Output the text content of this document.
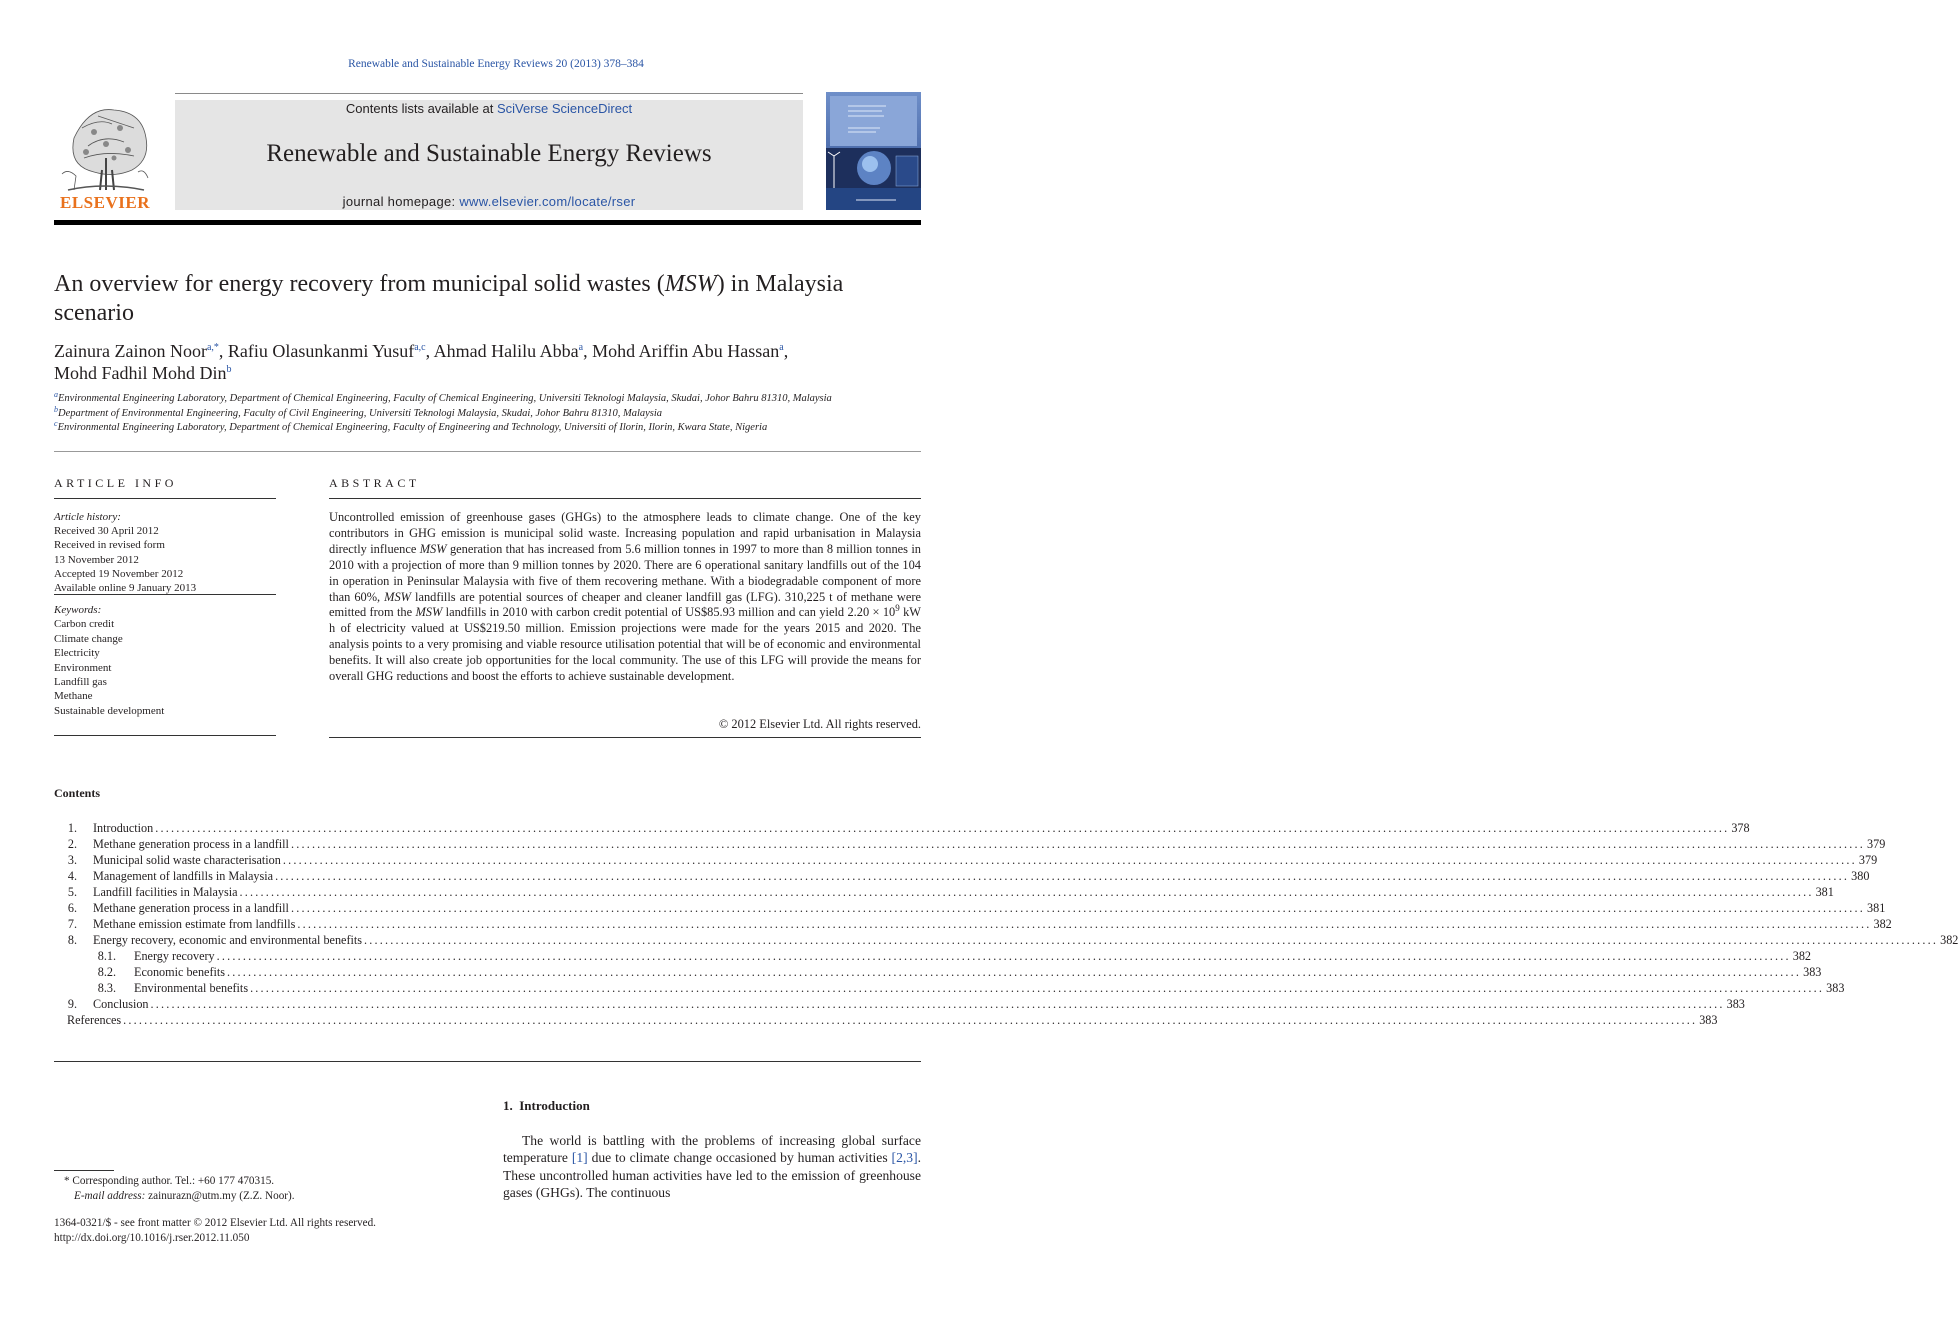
Renewable and Sustainable Energy Reviews 20 (2013) 378–384
ELSEVIER
Contents lists available at SciVerse ScienceDirect
Renewable and Sustainable Energy Reviews
journal homepage: www.elsevier.com/locate/rser
An overview for energy recovery from municipal solid wastes (MSW) in Malaysia scenario
Zainura Zainon Noor$^{a,*}$, Rafiu Olasunkanmi Yusuf$^{a,c}$, Ahmad Halilu Abba$^a$, Mohd Ariffin Abu Hassan$^a$,
Mohd Fadhil Mohd Din$^b$
$^a$Environmental Engineering Laboratory, Department of Chemical Engineering, Faculty of Chemical Engineering, Universiti Teknologi Malaysia, Skudai, Johor Bahru 81310, Malaysia
$^b$Department of Environmental Engineering, Faculty of Civil Engineering, Universiti Teknologi Malaysia, Skudai, Johor Bahru 81310, Malaysia
$^c$Environmental Engineering Laboratory, Department of Chemical Engineering, Faculty of Engineering and Technology, Universiti of Ilorin, Ilorin, Kwara State, Nigeria
ARTICLE INFO
Article history:
Received 30 April 2012
Received in revised form
13 November 2012
Accepted 19 November 2012
Available online 9 January 2013
Keywords:
Carbon credit
Climate change
Electricity
Environment
Landfill gas
Methane
Sustainable development
ABSTRACT
Uncontrolled emission of greenhouse gases (GHGs) to the atmosphere leads to climate change. One of the key contributors in GHG emission is municipal solid waste. Increasing population and rapid urbanisation in Malaysia directly influence MSW generation that has increased from 5.6 million tonnes in 1997 to more than 8 million tonnes in 2010 with a projection of more than 9 million tonnes by 2020. There are 6 operational sanitary landfills out of the 104 in operation in Peninsular Malaysia with five of them recovering methane. With a biodegradable component of more than 60%, MSW landfills are potential sources of cheaper and cleaner landfill gas (LFG). 310,225 t of methane were emitted from the MSW landfills in 2010 with carbon credit potential of US$85.93 million and can yield $2.20 \times 10^9$ kW h of electricity valued at US$219.50 million. Emission projections were made for the years 2015 and 2020. The analysis points to a very promising and viable resource utilisation potential that will be of economic and environmental benefits. It will also create job opportunities for the local community. The use of this LFG will provide the means for overall GHG reductions and boost the efforts to achieve sustainable development.
© 2012 Elsevier Ltd. All rights reserved.
Contents
1. Introduction ............................................................................................................................................................................................................................................................................................................ 378
2. Methane generation process in a landfill ............................................................................................................................................................................................................................................................................................................ 379
3. Municipal solid waste characterisation ............................................................................................................................................................................................................................................................................................................ 379
4. Management of landfills in Malaysia ............................................................................................................................................................................................................................................................................................................ 380
5. Landfill facilities in Malaysia ............................................................................................................................................................................................................................................................................................................ 381
6. Methane generation process in a landfill ............................................................................................................................................................................................................................................................................................................ 381
7. Methane emission estimate from landfills ............................................................................................................................................................................................................................................................................................................ 382
8. Energy recovery, economic and environmental benefits ............................................................................................................................................................................................................................................................................................................ 382
8.1. Energy recovery ............................................................................................................................................................................................................................................................................................................ 382
8.2. Economic benefits ............................................................................................................................................................................................................................................................................................................ 383
8.3. Environmental benefits ............................................................................................................................................................................................................................................................................................................ 383
9. Conclusion ............................................................................................................................................................................................................................................................................................................ 383
References ............................................................................................................................................................................................................................................................................................................ 383
1. Introduction
The world is battling with the problems of increasing global surface temperature [1] due to climate change occasioned by human activities [2,3]. These uncontrolled human activities have led to the emission of greenhouse gases (GHGs). The continuous
* Corresponding author. Tel.: +60 177 470315.
E-mail address: zainurazn@utm.my (Z.Z. Noor).
1364-0321/$ - see front matter © 2012 Elsevier Ltd. All rights reserved.
http://dx.doi.org/10.1016/j.rser.2012.11.050
